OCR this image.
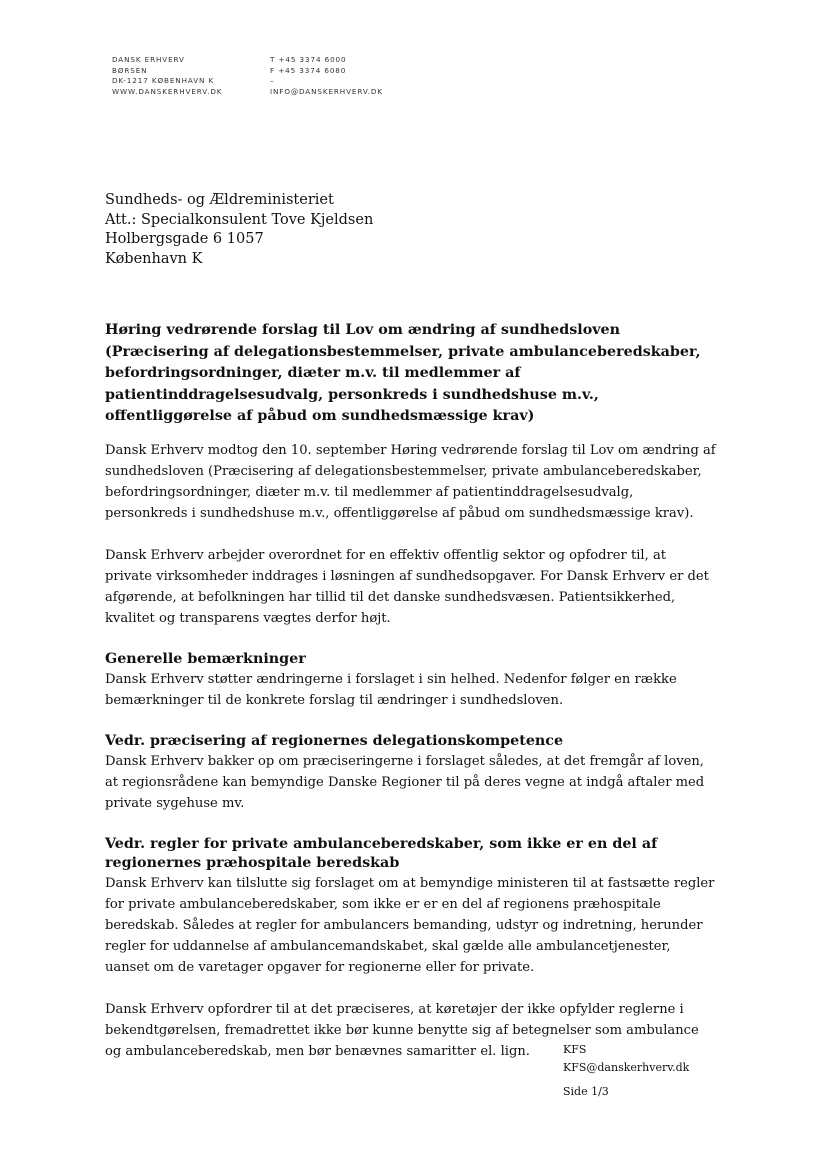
DANSK ERHVERV
BØRSEN
DK-1217 KØBENHAVN K
WWW.DANSKERHVERV.DK
T +45 3374 6000
F +45 3374 6080
–
INFO@DANSKERHVERV.DK
Sundheds- og Ældreministeriet
Att.: Specialkonsulent Tove Kjeldsen
Holbergsgade 6 1057
København K
Høring vedrørende forslag til Lov om ændring af sundhedsloven (Præcisering af delegationsbestemmelser, private ambulanceberedskaber, befordringsordninger, diæter m.v. til medlemmer af patientinddragelsesudvalg, personkreds i sundhedshuse m.v., offentliggørelse af påbud om sundhedsmæssige krav)

Dansk Erhverv modtog den 10. september Høring vedrørende forslag til Lov om ændring af sundhedsloven (Præcisering af delegationsbestemmelser, private ambulanceberedskaber, befordringsordninger, diæter m.v. til medlemmer af patientinddragelsesudvalg, personkreds i sundhedshuse m.v., offentliggørelse af påbud om sundhedsmæssige krav).

Dansk Erhverv arbejder overordnet for en effektiv offentlig sektor og opfodrer til, at private virksomheder inddrages i løsningen af sundhedsopgaver. For Dansk Erhverv er det afgørende, at befolkningen har tillid til det danske sundhedsvæsen. Patientsikkerhed, kvalitet og transparens vægtes derfor højt.

Generelle bemærkninger

Dansk Erhverv støtter ændringerne i forslaget i sin helhed. Nedenfor følger en række bemærkninger til de konkrete forslag til ændringer i sundhedsloven.

Vedr. præcisering af regionernes delegationskompetence

Dansk Erhverv bakker op om præciseringerne i forslaget således, at det fremgår af loven,
at regionsrådene kan bemyndige Danske Regioner til på deres vegne at indgå aftaler med private sygehuse mv.

Vedr. regler for private ambulanceberedskaber, som ikke er en del af regionernes præhospitale beredskab

Dansk Erhverv kan tilslutte sig forslaget om at bemyndige ministeren til at fastsætte regler for private ambulanceberedskaber, som ikke er er en del af regionens præhospitale beredskab. Således at regler for ambulancers bemanding, udstyr og indretning, herunder regler for uddannelse af ambulancemandskabet, skal gælde alle ambulancetjenester, uanset om de varetager opgaver for regionerne eller for private.

Dansk Erhverv opfordrer til at det præciseres, at køretøjer der ikke opfylder reglerne i bekendtgørelsen, fremadrettet ikke bør kunne benytte sig af betegnelser som ambulance og ambulanceberedskab, men bør benævnes samaritter el. lign.	KFS
KFS@danskerhverv.dk
Side 1/3
